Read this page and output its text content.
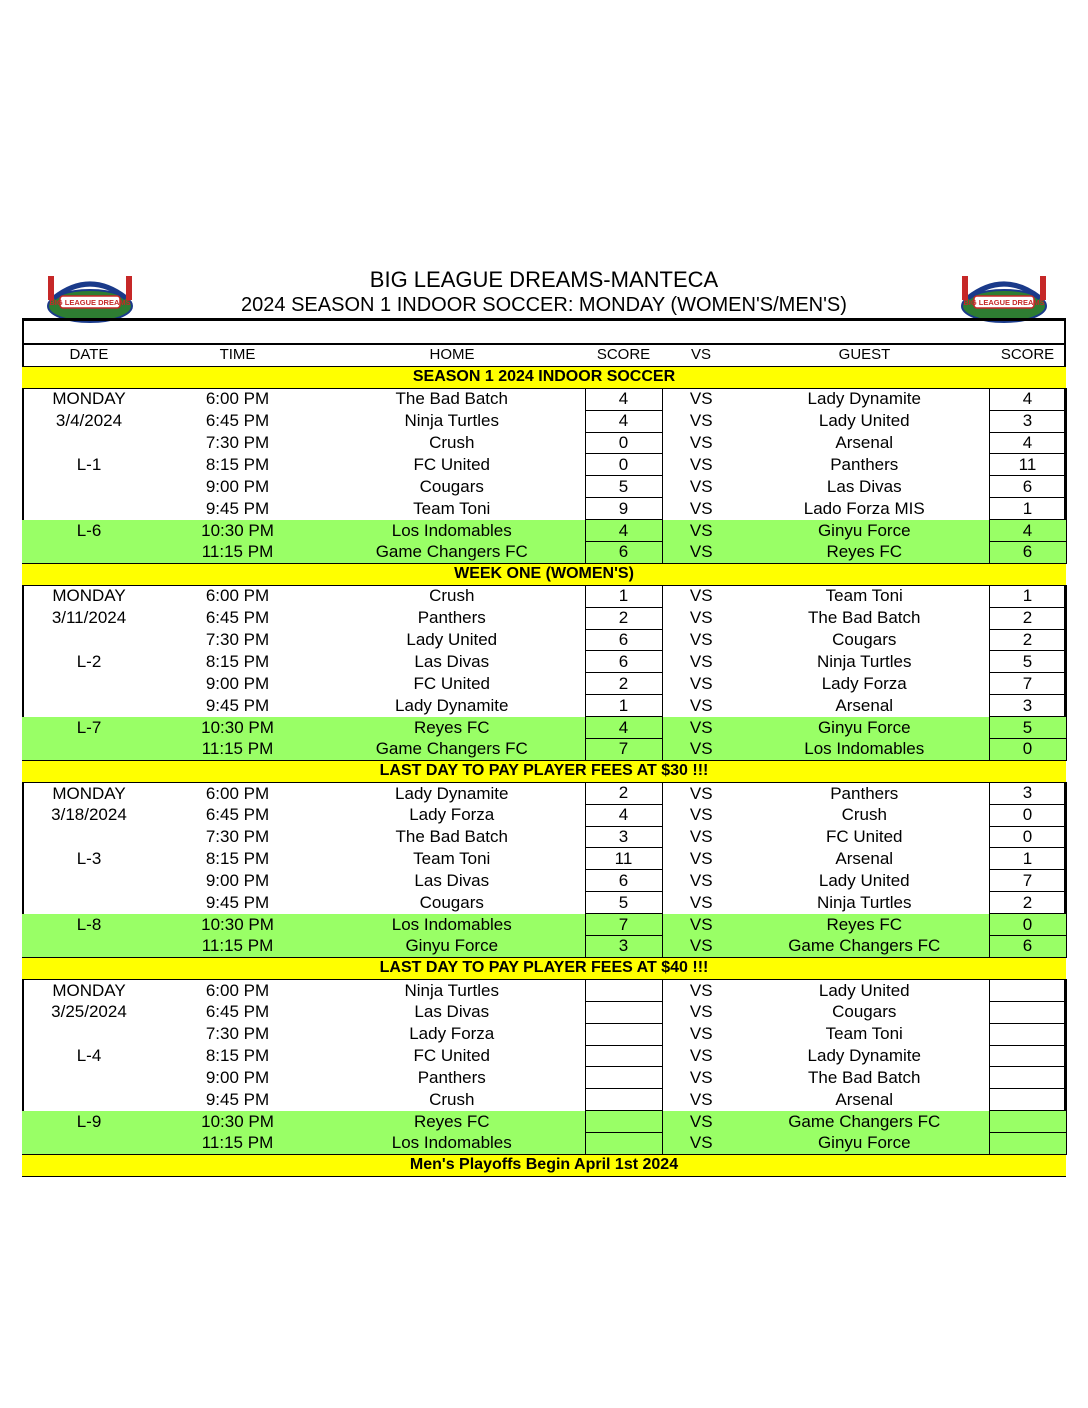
BIG LEAGUE DREAMS-MANTECA
2024 SEASON 1 INDOOR SOCCER: MONDAY (WOMEN'S/MEN'S)
BIG LEAGUE DREAMS	BIG LEAGUE DREAMS
DATE	TIME	HOME	SCORE	VS	GUEST	SCORE
SEASON 1 2024 INDOOR SOCCER						
MONDAY	6:00 PM	The Bad Batch	4	VS	Lady Dynamite	4
3/4/2024	6:45 PM	Ninja Turtles	4	VS	Lady United	3
	7:30 PM	Crush	0	VS	Arsenal	4
L-1	8:15 PM	FC United	0	VS	Panthers	11
	9:00 PM	Cougars	5	VS	Las Divas	6
	9:45 PM	Team Toni	9	VS	Lado Forza MIS	1
L-6	10:30 PM	Los Indomables	4	VS	Ginyu Force	4
	11:15 PM	Game Changers FC	6	VS	Reyes FC	6
WEEK ONE (WOMEN'S)						
MONDAY	6:00 PM	Crush	1	VS	Team Toni	1
3/11/2024	6:45 PM	Panthers	2	VS	The Bad Batch	2
	7:30 PM	Lady United	6	VS	Cougars	2
L-2	8:15 PM	Las Divas	6	VS	Ninja Turtles	5
	9:00 PM	FC United	2	VS	Lady Forza	7
	9:45 PM	Lady Dynamite	1	VS	Arsenal	3
L-7	10:30 PM	Reyes FC	4	VS	Ginyu Force	5
	11:15 PM	Game Changers FC	7	VS	Los Indomables	0
LAST DAY TO PAY PLAYER FEES AT $30 !!!						
MONDAY	6:00 PM	Lady Dynamite	2	VS	Panthers	3
3/18/2024	6:45 PM	Lady Forza	4	VS	Crush	0
	7:30 PM	The Bad Batch	3	VS	FC United	0
L-3	8:15 PM	Team Toni	11	VS	Arsenal	1
	9:00 PM	Las Divas	6	VS	Lady United	7
	9:45 PM	Cougars	5	VS	Ninja Turtles	2
L-8	10:30 PM	Los Indomables	7	VS	Reyes FC	0
	11:15 PM	Ginyu Force	3	VS	Game Changers FC	6
LAST DAY TO PAY PLAYER FEES AT $40 !!!						
MONDAY	6:00 PM	Ninja Turtles		VS	Lady United	
3/25/2024	6:45 PM	Las Divas		VS	Cougars	
	7:30 PM	Lady Forza		VS	Team Toni	
L-4	8:15 PM	FC United		VS	Lady Dynamite	
	9:00 PM	Panthers		VS	The Bad Batch	
	9:45 PM	Crush		VS	Arsenal	
L-9	10:30 PM	Reyes FC		VS	Game Changers FC	
	11:15 PM	Los Indomables		VS	Ginyu Force	
Men's Playoffs Begin April 1st 2024						
